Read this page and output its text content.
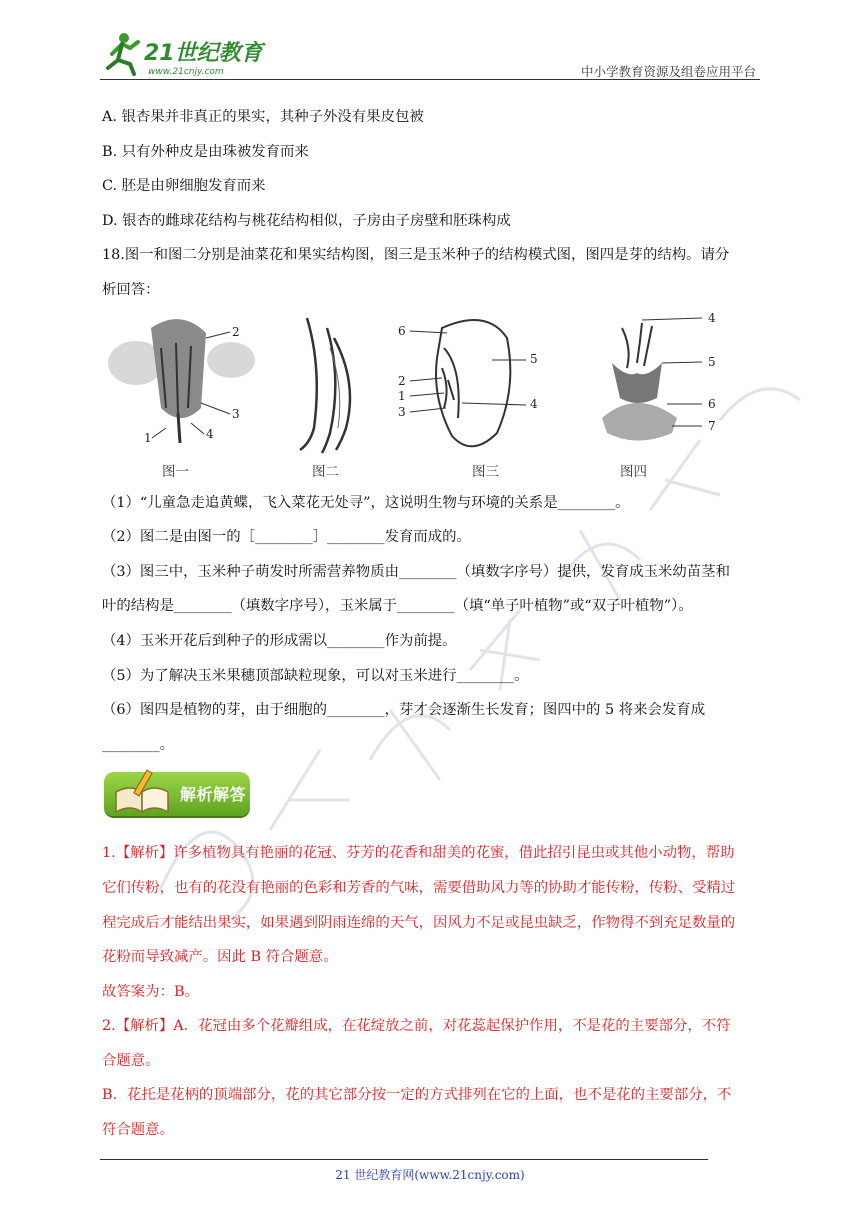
21世纪教育
www.21cnjy.com	中小学教育资源及组卷应用平台
A. 银杏果并非真正的果实，其种子外没有果皮包被
B. 只有外种皮是由珠被发育而来
C. 胚是由卵细胞发育而来
D. 银杏的雌球花结构与桃花结构相似，子房由子房壁和胚珠构成
18.图一和图二分别是油菜花和果实结构图，图三是玉米种子的结构模式图，图四是芽的结构。请分
析回答：
2
3
1	4
6
5
2
1
3
4
4
5
6
7
图一	图二	图三	图四
（1）“儿童急走追黄蝶，飞入菜花无处寻”，这说明生物与环境的关系是________。
（2）图二是由图一的［________］________发育而成的。
（3）图三中，玉米种子萌发时所需营养物质由________（填数字序号）提供，发育成玉米幼苗茎和
叶的结构是________（填数字序号），玉米属于________（填“单子叶植物”或“双子叶植物”）。
（4）玉米开花后到种子的形成需以________作为前提。
（5）为了解决玉米果穗顶部缺粒现象，可以对玉米进行________。
（6）图四是植物的芽，由于细胞的________，芽才会逐渐生长发育；图四中的 5 将来会发育成
________。
解析解答
1.【解析】许多植物具有艳丽的花冠、芬芳的花香和甜美的花蜜，借此招引昆虫或其他小动物，帮助
它们传粉，也有的花没有艳丽的色彩和芳香的气味，需要借助风力等的协助才能传粉，传粉、受精过
程完成后才能结出果实，如果遇到阴雨连绵的天气，因风力不足或昆虫缺乏，作物得不到充足数量的
花粉而导致减产。因此 B 符合题意。
故答案为：B。
2.【解析】A．花冠由多个花瓣组成，在花绽放之前，对花蕊起保护作用，不是花的主要部分，不符
合题意。
B．花托是花柄的顶端部分，花的其它部分按一定的方式排列在它的上面，也不是花的主要部分，不
符合题意。
21 世纪教育网(www.21cnjy.com)
